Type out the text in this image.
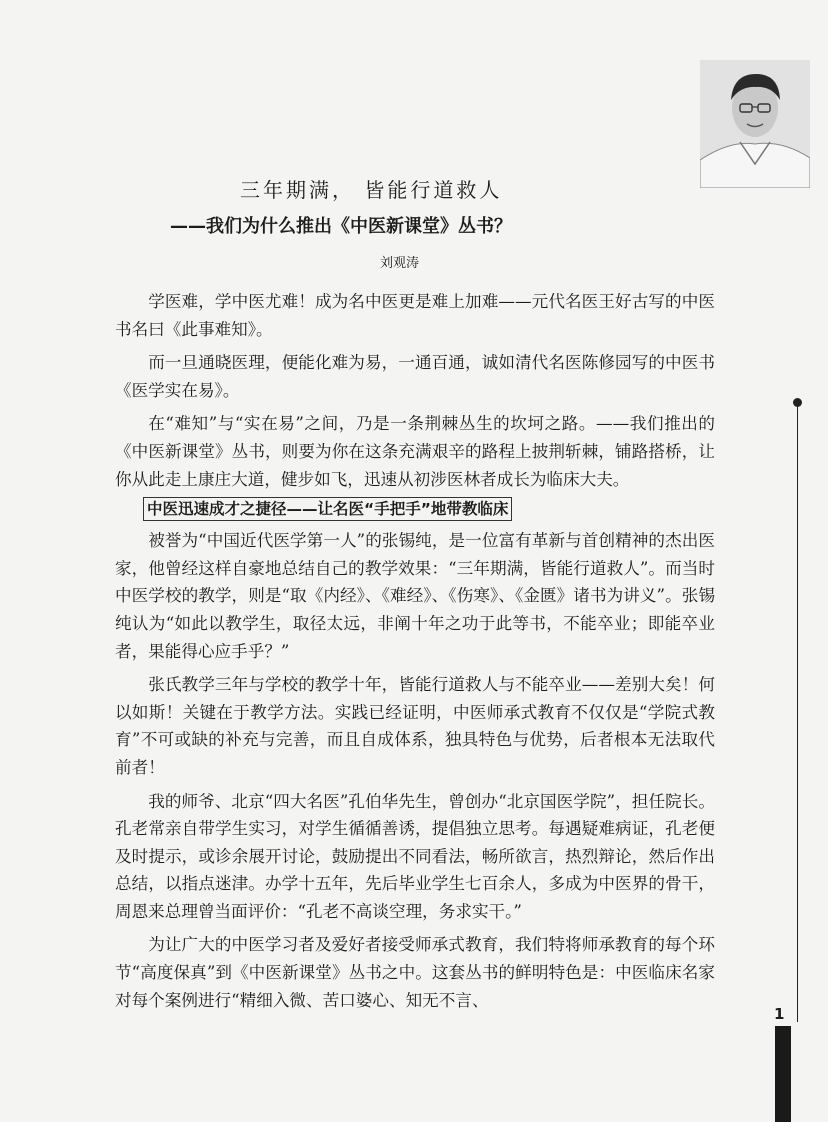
三年期满， 皆能行道救人
——我们为什么推出《中医新课堂》丛书？
刘观涛

学医难，学中医尤难！成为名中医更是难上加难——元代名医王好古写的中医书名曰《此事难知》。

而一旦通晓医理，便能化难为易，一通百通，诚如清代名医陈修园写的中医书《医学实在易》。

在“难知”与“实在易”之间，乃是一条荆棘丛生的坎坷之路。——我们推出的《中医新课堂》丛书，则要为你在这条充满艰辛的路程上披荆斩棘，铺路搭桥，让你从此走上康庄大道，健步如飞，迅速从初涉医林者成长为临床大夫。

中医迅速成才之捷径——让名医“手把手”地带教临床

被誉为“中国近代医学第一人”的张锡纯，是一位富有革新与首创精神的杰出医家，他曾经这样自豪地总结自己的教学效果：“三年期满，皆能行道救人”。而当时中医学校的教学，则是“取《内经》、《难经》、《伤寒》、《金匮》诸书为讲义”。张锡纯认为“如此以教学生，取径太远，非阐十年之功于此等书，不能卒业；即能卒业者，果能得心应手乎？”

张氏教学三年与学校的教学十年，皆能行道救人与不能卒业——差别大矣！何以如斯！关键在于教学方法。实践已经证明，中医师承式教育不仅仅是“学院式教育”不可或缺的补充与完善，而且自成体系，独具特色与优势，后者根本无法取代前者！

我的师爷、北京“四大名医”孔伯华先生，曾创办“北京国医学院”，担任院长。孔老常亲自带学生实习，对学生循循善诱，提倡独立思考。每遇疑难病证，孔老便及时提示，或诊余展开讨论，鼓励提出不同看法，畅所欲言，热烈辩论，然后作出总结，以指点迷津。办学十五年，先后毕业学生七百余人，多成为中医界的骨干，周恩来总理曾当面评价：“孔老不高谈空理，务求实干。”

为让广大的中医学习者及爱好者接受师承式教育，我们特将师承教育的每个环节“高度保真”到《中医新课堂》丛书之中。这套丛书的鲜明特色是：中医临床名家对每个案例进行“精细入微、苦口婆心、知无不言、

1
